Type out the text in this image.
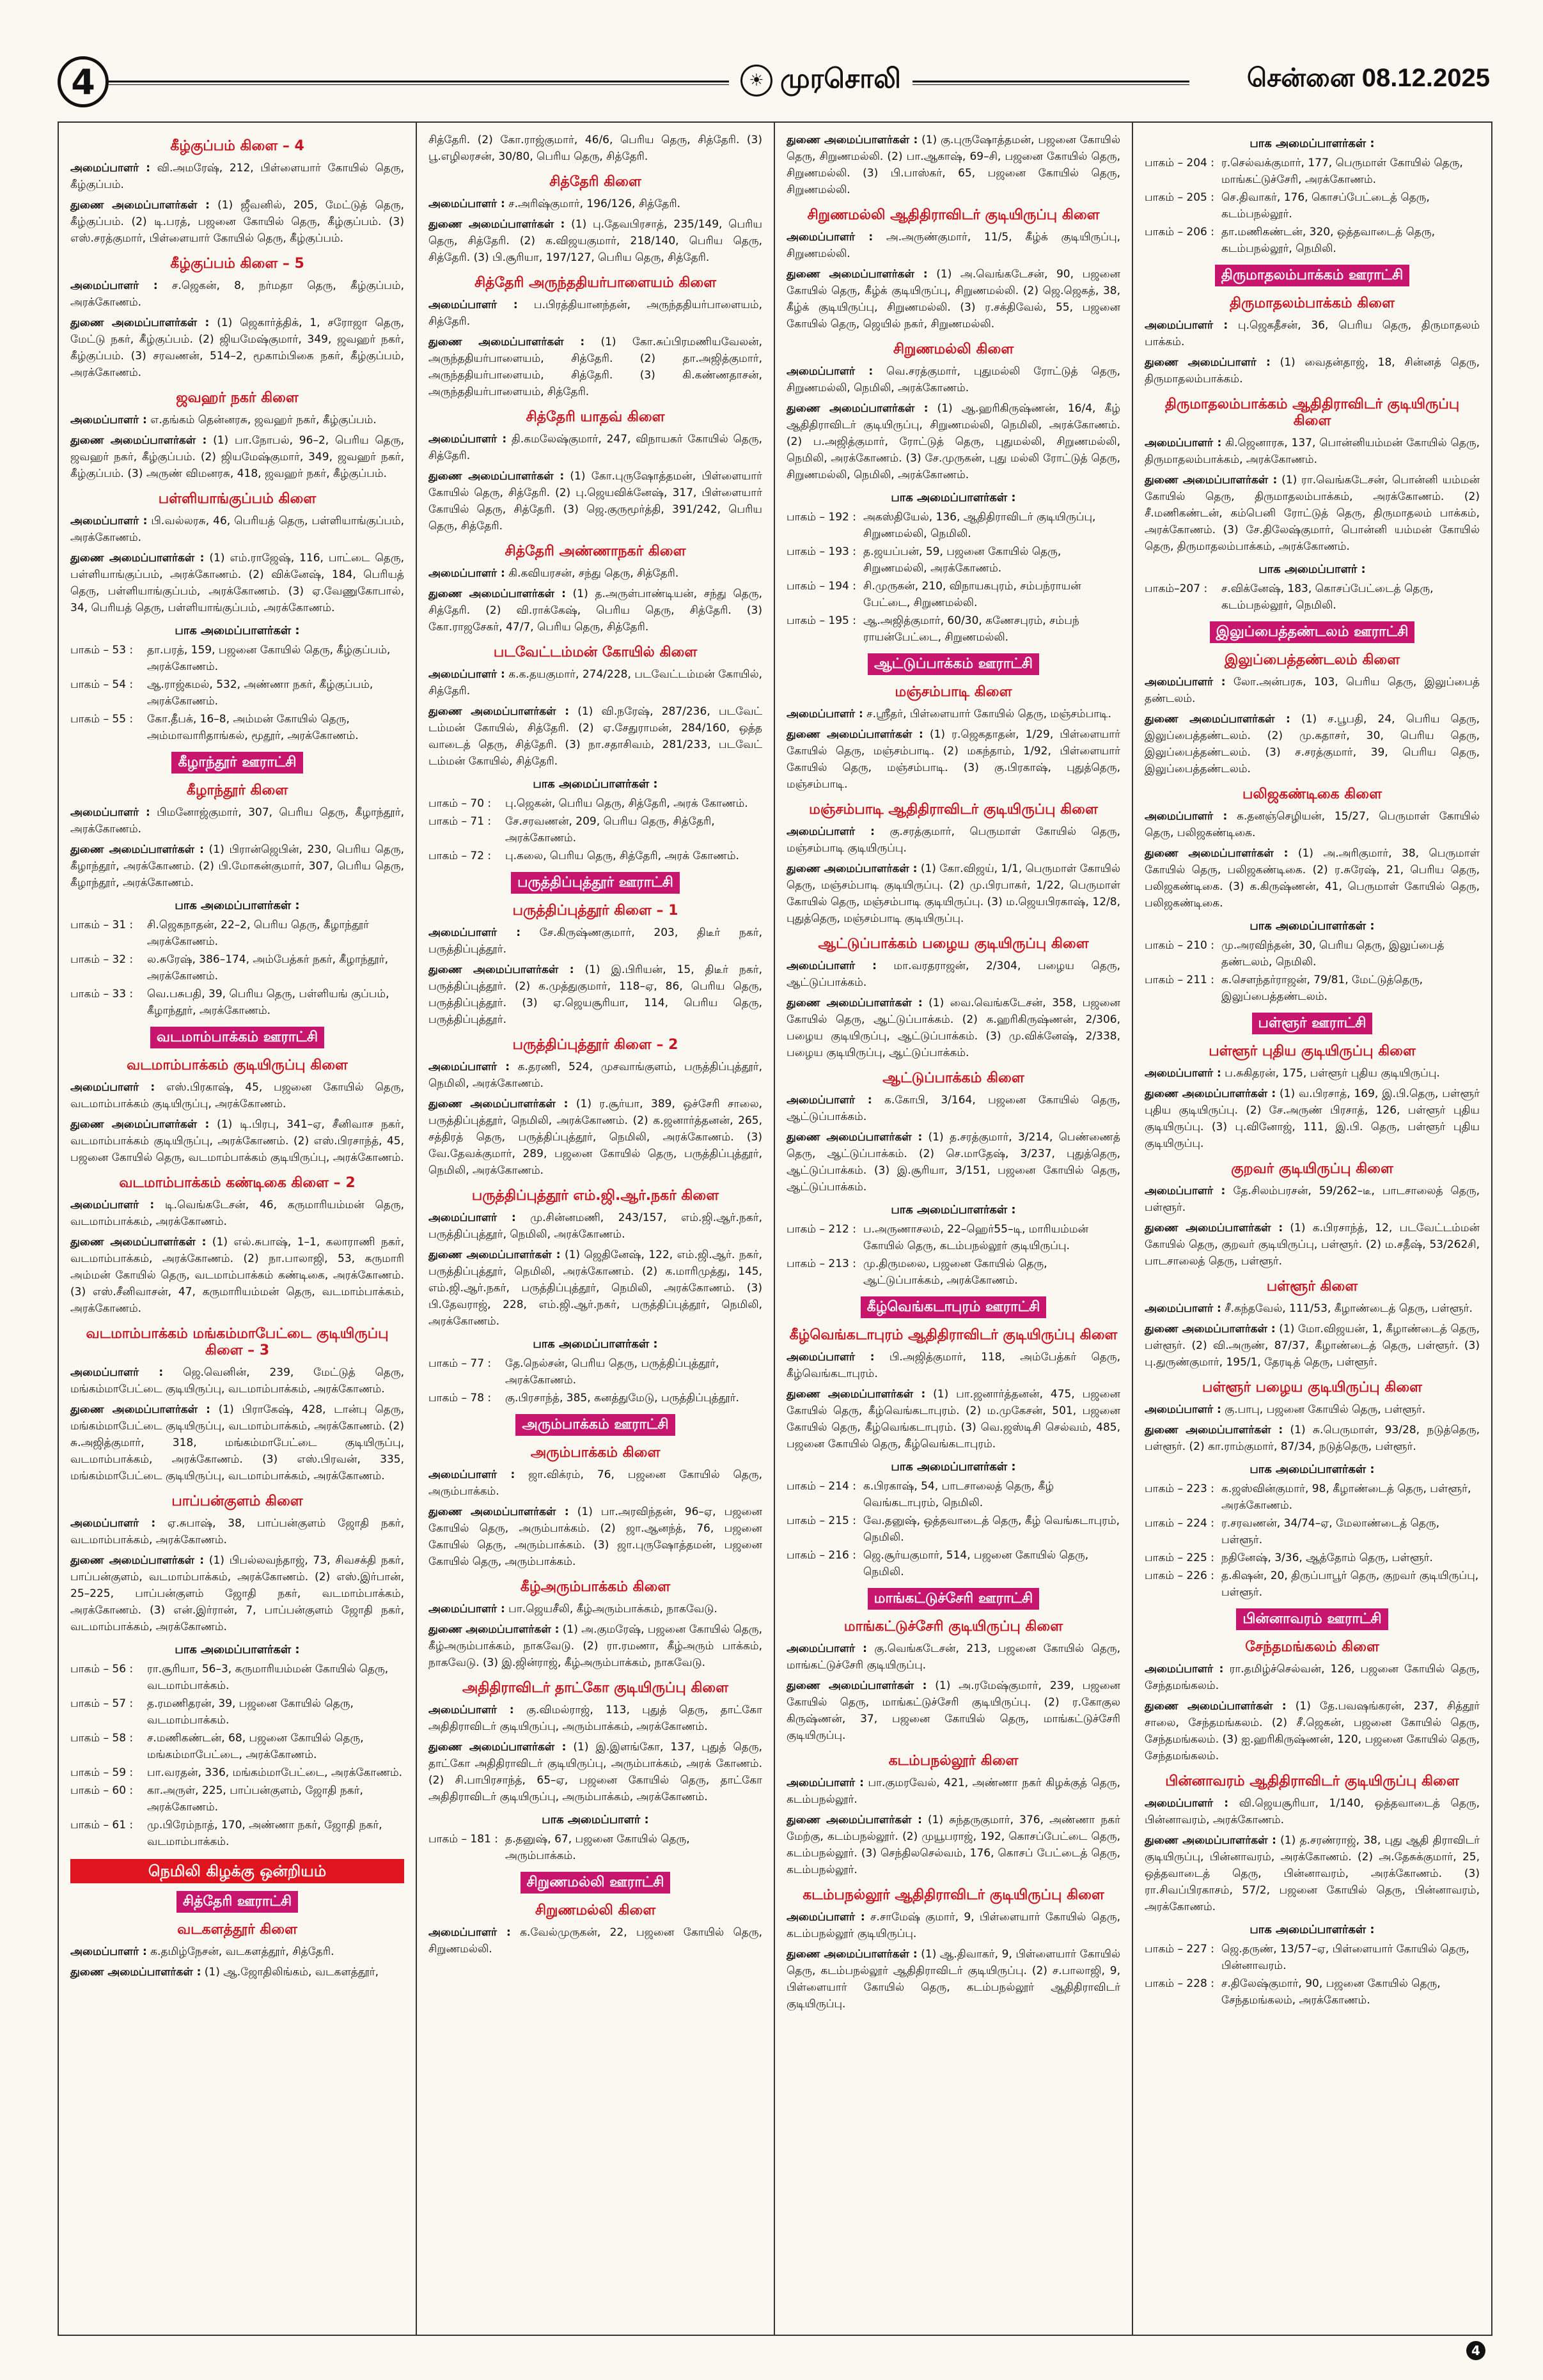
4	☀ முரசொலி	சென்னை 08.12.2025
கீழ்குப்பம் கிளை – 4
அமைப்பாளர் : வி.அமரேஷ், 212, பிள்ளையார் கோயில் தெரு, கீழ்குப்பம்.
துணை அமைப்பாளர்கள் : (1) ஜீவனில், 205, மேட்டுத் தெரு, கீழ்குப்பம். (2) டி.பரத், பஜனை கோயில் தெரு, கீழ்குப்பம். (3) எஸ்.சரத்குமார், பிள்ளையார் கோயில் தெரு, கீழ்குப்பம்.
கீழ்குப்பம் கிளை – 5
அமைப்பாளர் : ச.ஜெகன், 8, நர்மதா தெரு, கீழ்குப்பம், அரக்கோணம்.
துணை அமைப்பாளர்கள் : (1) ஜெகார்த்திக், 1, சரோஜா தெரு, மேட்டு நகர், கீழ்குப்பம். (2) ஜியமேஷ்குமார், 349, ஜவஹர் நகர், கீழ்குப்பம். (3) சரவணன், 514–2, மூகாம்பிகை நகர், கீழ்குப்பம், அரக்கோணம்.
ஜவஹர் நகர் கிளை
அமைப்பாளர் : எ.தங்கம் தென்னரசு, ஜவஹர் நகர், கீழ்குப்பம்.
துணை அமைப்பாளர்கள் : (1) பா.நோபல், 96–2, பெரிய தெரு, ஜவஹர் நகர், கீழ்குப்பம். (2) ஜியமேஷ்குமார், 349, ஜவஹர் நகர், கீழ்குப்பம். (3) அருண் விமனரசு, 418, ஜவஹர் நகர், கீழ்குப்பம்.
பள்ளியாங்குப்பம் கிளை
அமைப்பாளர் : பி.வல்லரசு, 46, பெரியத் தெரு, பள்ளியாங்குப்பம், அரக்கோணம்.
துணை அமைப்பாளர்கள் : (1) எம்.ராஜேஷ், 116, பாட்டை தெரு, பள்ளியாங்குப்பம், அரக்கோணம். (2) விக்னேஷ், 184, பெரியத் தெரு, பள்ளியாங்குப்பம், அரக்கோணம். (3) ஏ.வேணுகோபால், 34, பெரியத் தெரு, பள்ளியாங்குப்பம், அரக்கோணம்.
பாக அமைப்பாளர்கள் :
பாகம் – 53 :	தா.பரத், 159, பஜனை கோயில் தெரு, கீழ்குப்பம், அரக்கோணம்.
பாகம் – 54 :	ஆ.ராஜ்கமல், 532, அண்ணா நகர், கீழ்குப்பம், அரக்கோணம்.
பாகம் – 55 :	கோ.தீபக், 16–8, அம்மன் கோயில் தெரு, அம்மாவாரிதாங்கல், மூதூர், அரக்கோணம்.
கீழாந்தூர் ஊராட்சி
கீழாந்தூர் கிளை
அமைப்பாளர் : பிமனோஜ்குமார், 307, பெரிய தெரு, கீழாந்தூர், அரக்கோணம்.
துணை அமைப்பாளர்கள் : (1) பிரான்ஜெபின், 230, பெரிய தெரு, கீழாந்தூர், அரக்கோணம். (2) பி.மோகன்குமார், 307, பெரிய தெரு, கீழாந்தூர், அரக்கோணம்.
பாக அமைப்பாளர்கள் :
பாகம் – 31 :	சி.ஜெகநாதன், 22–2, பெரிய தெரு, கீழாந்தூர் அரக்கோணம்.
பாகம் – 32 :	ல.சுரேஷ், 386–174, அம்பேத்கர் நகர், கீழாந்தூர், அரக்கோணம்.
பாகம் – 33 :	வெ.பசுபதி, 39, பெரிய தெரு, பள்ளியங் குப்பம், கீழாந்தூர், அரக்கோணம்.
வடமாம்பாக்கம் ஊராட்சி
வடமாம்பாக்கம் குடியிருப்பு கிளை
அமைப்பாளர் : எஸ்.பிரகாஷ், 45, பஜனை கோயில் தெரு, வடமாம்பாக்கம் குடியிருப்பு, அரக்கோணம்.
துணை அமைப்பாளர்கள் : (1) டி.பிரபு, 341–ஏ, சீனிவாச நகர், வடமாம்பாக்கம் குடியிருப்பு, அரக்கோணம். (2) எஸ்.பிரசாந்த், 45, பஜனை கோயில் தெரு, வடமாம்பாக்கம் குடியிருப்பு, அரக்கோணம்.
வடமாம்பாக்கம் கண்டிகை கிளை – 2
அமைப்பாளர் : டி.வெங்கடேசன், 46, கருமாரியம்மன் தெரு, வடமாம்பாக்கம், அரக்கோணம்.
துணை அமைப்பாளர்கள் : (1) எல்.சுபாஷ், 1–1, கலாராணி நகர், வடமாம்பாக்கம், அரக்கோணம். (2) நா.பாலாஜி, 53, கருமாரி அம்மன் கோயில் தெரு, வடமாம்பாக்கம் கண்டிகை, அரக்கோணம். (3) எஸ்.சீனிவாசன், 47, கருமாரியம்மன் தெரு, வடமாம்பாக்கம், அரக்கோணம்.
வடமாம்பாக்கம் மங்கம்மாபேட்டை குடியிருப்பு கிளை – 3
அமைப்பாளர் : ஜெ.வெனின், 239, மேட்டுத் தெரு, மங்கம்மாபேட்டை குடியிருப்பு, வடமாம்பாக்கம், அரக்கோணம்.
துணை அமைப்பாளர்கள் : (1) பிராகேஷ், 428, டான்பு தெரு, மங்கம்மாபேட்டை குடியிருப்பு, வடமாம்பாக்கம், அரக்கோணம். (2) சு.அஜித்குமார், 318, மங்கம்மாபேட்டை குடியிருப்பு, வடமாம்பாக்கம், அரக்கோணம். (3) எஸ்.பிரவன், 335, மங்கம்மாபேட்டை குடியிருப்பு, வடமாம்பாக்கம், அரக்கோணம்.
பாப்பன்குளம் கிளை
அமைப்பாளர் : ஏ.சுபாஷ், 38, பாப்பன்குளம் ஜோதி நகர், வடமாம்பாக்கம், அரக்கோணம்.
துணை அமைப்பாளர்கள் : (1) பிபல்லவந்தாஜ், 73, சிவசக்தி நகர், பாப்பன்குளம், வடமாம்பாக்கம், அரக்கோணம். (2) எஸ்.இர்பான், 25–225, பாப்பன்குளம் ஜோதி நகர், வடமாம்பாக்கம், அரக்கோணம். (3) என்.இர்ரான், 7, பாப்பன்குளம் ஜோதி நகர், வடமாம்பாக்கம், அரக்கோணம்.
பாக அமைப்பாளர்கள் :
பாகம் – 56 :	ரா.சூரியா, 56–3, கருமாரியம்மன் கோயில் தெரு, வடமாம்பாக்கம்.
பாகம் – 57 :	த.ரமணிதரன், 39, பஜனை கோயில் தெரு, வடமாம்பாக்கம்.
பாகம் – 58 :	ச.மணிகண்டன், 68, பஜனை கோயில் தெரு, மங்கம்மாபேட்டை, அரக்கோணம்.
பாகம் – 59 :	பா.வரதன், 336, மங்கம்மாபேட்டை, அரக்கோணம்.
பாகம் – 60 :	கா.அருள், 225, பாப்பன்குளம், ஜோதி நகர், அரக்கோணம்.
பாகம் – 61 :	மு.பிரேம்நாத், 170, அண்ணா நகர், ஜோதி நகர், வடமாம்பாக்கம்.
நெமிலி கிழக்கு ஒன்றியம்
சித்தேரி ஊராட்சி
வடகளத்தூர் கிளை
அமைப்பாளர் : க.தமிழ்நேசன், வடகளத்தூர், சித்தேரி.
துணை அமைப்பாளர்கள் : (1) ஆ.ஜோதிலிங்கம், வடகளத்தூர்,
சித்தேரி. (2) கோ.ராஜ்குமார், 46/6, பெரிய தெரு, சித்தேரி. (3) பூ.எழிலரசன், 30/80, பெரிய தெரு, சித்தேரி.
சித்தேரி கிளை
அமைப்பாளர் : ச.அரிஷ்குமார், 196/126, சித்தேரி.
துணை அமைப்பாளர்கள் : (1) பு.தேவபிரசாத், 235/149, பெரிய தெரு, சித்தேரி. (2) க.விஜயகுமார், 218/140, பெரிய தெரு, சித்தேரி. (3) பி.சூரியா, 197/127, பெரிய தெரு, சித்தேரி.
சித்தேரி அருந்ததியர்பாளையம் கிளை
அமைப்பாளர் : ப.பிரத்தியானந்தன், அருந்ததியர்பாளையம், சித்தேரி.
துணை அமைப்பாளர்கள் : (1) கோ.சுப்பிரமணியவேலன், அருந்ததியர்பாளையம், சித்தேரி. (2) தா.அஜித்குமார், அருந்ததியர்பாளையம், சித்தேரி. (3) கி.கண்ணதாசன், அருந்ததியர்பாளையம், சித்தேரி.
சித்தேரி யாதவ் கிளை
அமைப்பாளர் : தி.கமலேஷ்குமார், 247, விநாயகர் கோயில் தெரு, சித்தேரி.
துணை அமைப்பாளர்கள் : (1) கோ.புருஷோத்தமன், பிள்ளையார் கோயில் தெரு, சித்தேரி. (2) பு.ஜெயவிக்னேஷ், 317, பிள்ளையார் கோயில் தெரு, சித்தேரி. (3) ஜெ.குருமூர்த்தி, 391/242, பெரிய தெரு, சித்தேரி.
சித்தேரி அண்ணாநகர் கிளை
அமைப்பாளர் : கி.கவியரசன், சந்து தெரு, சித்தேரி.
துணை அமைப்பாளர்கள் : (1) த.அருள்பாண்டியன், சந்து தெரு, சித்தேரி. (2) வி.ராக்கேஷ், பெரிய தெரு, சித்தேரி. (3) கோ.ராஜசேகர், 47/7, பெரிய தெரு, சித்தேரி.
படவேட்டம்மன் கோயில் கிளை
அமைப்பாளர் : க.க.தயகுமார், 274/228, படவேட்டம்மன் கோயில், சித்தேரி.
துணை அமைப்பாளர்கள் : (1) வி.நரேஷ், 287/236, படவேட் டம்மன் கோயில், சித்தேரி. (2) ஏ.சேதுராமன், 284/160, ஒத்த வாடைத் தெரு, சித்தேரி. (3) நா.சதாசிவம், 281/233, படவேட் டம்மன் கோயில், சித்தேரி.
பாக அமைப்பாளர்கள் :
பாகம் – 70 :	பு.ஜெகன், பெரிய தெரு, சித்தேரி, அரக் கோணம்.
பாகம் – 71 :	சே.சரவணன், 209, பெரிய தெரு, சித்தேரி, அரக்கோணம்.
பாகம் – 72 :	பு.கலை, பெரிய தெரு, சித்தேரி, அரக் கோணம்.
பருத்திப்புத்தூர் ஊராட்சி
பருத்திப்புத்தூர் கிளை – 1
அமைப்பாளர் : சே.கிருஷ்ணகுமார், 203, திடீர் நகர், பருத்திப்புத்தூர்.
துணை அமைப்பாளர்கள் : (1) இ.பிரியன், 15, திடீர் நகர், பருத்திப்புத்தூர். (2) க.முத்துகுமார், 118–ஏ, 86, பெரிய தெரு, பருத்திப்புத்தூர். (3) ஏ.ஜெயசூரியா, 114, பெரிய தெரு, பருத்திப்புத்தூர்.
பருத்திப்புத்தூர் கிளை – 2
அமைப்பாளர் : க.தரணி, 524, முசவாங்குளம், பருத்திப்புத்தூர், நெமிலி, அரக்கோணம்.
துணை அமைப்பாளர்கள் : (1) ர.சூர்யா, 389, ஒச்சேரி சாலை, பருத்திப்புத்தூர், நெமிலி, அரக்கோணம். (2) க.ஜனார்த்தனன், 265, சத்திரத் தெரு, பருத்திப்புத்தூர், நெமிலி, அரக்கோணம். (3) வே.தேவக்குமார், 289, பஜனை கோயில் தெரு, பருத்திப்புத்தூர், நெமிலி, அரக்கோணம்.
பருத்திப்புத்தூர் எம்.ஜி.ஆர்.நகர் கிளை
அமைப்பாளர் : மு.சின்னமணி, 243/157, எம்.ஜி.ஆர்.நகர், பருத்திப்புத்தூர், நெமிலி, அரக்கோணம்.
துணை அமைப்பாளர்கள் : (1) ஜெதினேஷ், 122, எம்.ஜி.ஆர். நகர், பருத்திப்புத்தூர், நெமிலி, அரக்கோணம். (2) க.மாரிமுத்து, 145, எம்.ஜி.ஆர்.நகர், பருத்திப்புத்தூர், நெமிலி, அரக்கோணம். (3) பி.தேவராஜ், 228, எம்.ஜி.ஆர்.நகர், பருத்திப்புத்தூர், நெமிலி, அரக்கோணம்.
பாக அமைப்பாளர்கள் :
பாகம் – 77 :	தே.நெல்சன், பெரிய தெரு, பருத்திப்புத்தூர், அரக்கோணம்.
பாகம் – 78 :	கு.பிரசாந்த், 385, கனத்துமேடு, பருத்திப்புத்தூர்.
அரும்பாக்கம் ஊராட்சி
அரும்பாக்கம் கிளை
அமைப்பாளர் : ஜா.விக்ரம், 76, பஜனை கோயில் தெரு, அரும்பாக்கம்.
துணை அமைப்பாளர்கள் : (1) பா.அரவிந்தன், 96–ஏ, பஜனை கோயில் தெரு, அரும்பாக்கம். (2) ஜா.ஆனந்த், 76, பஜனை கோயில் தெரு, அரும்பாக்கம். (3) ஜா.புருஷோத்தமன், பஜனை கோயில் தெரு, அரும்பாக்கம்.
கீழ்அரும்பாக்கம் கிளை
அமைப்பாளர் : பா.ஜெயசீலி, கீழ்அரும்பாக்கம், நாகவேடு.
துணை அமைப்பாளர்கள் : (1) அ.குமரேஷ், பஜனை கோயில் தெரு, கீழ்அரும்பாக்கம், நாகவேடு. (2) ரா.ரமணா, கீழ்அரும் பாக்கம், நாகவேடு. (3) இ.ஜின்ராஜ், கீழ்அரும்பாக்கம், நாகவேடு.
அதிதிராவிடர் தாட்கோ குடியிருப்பு கிளை
அமைப்பாளர் : கு.விமல்ராஜ், 113, புதுத் தெரு, தாட்கோ அதிதிராவிடர் குடியிருப்பு, அரும்பாக்கம், அரக்கோணம்.
துணை அமைப்பாளர்கள் : (1) இ.இளங்கோ, 137, புதுத் தெரு, தாட்கோ அதிதிராவிடர் குடியிருப்பு, அரும்பாக்கம், அரக் கோணம். (2) சி.பாபிரசாந்த், 65–ஏ, பஜனை கோயில் தெரு, தாட்கோ அதிதிராவிடர் குடியிருப்பு, அரும்பாக்கம், அரக்கோணம்.
பாக அமைப்பாளர் :
பாகம் – 181 : த.தனுஷ், 67, பஜனை கோயில் தெரு, அரும்பாக்கம்.
சிறுணமல்லி ஊராட்சி
சிறுணமல்லி கிளை
அமைப்பாளர் : க.வேல்முருகன், 22, பஜனை கோயில் தெரு, சிறுணமல்லி.
துணை அமைப்பாளர்கள் : (1) கு.புருஷோத்தமன், பஜனை கோயில் தெரு, சிறுணமல்லி. (2) பா.ஆகாஷ், 69–சி, பஜனை கோயில் தெரு, சிறுணமல்லி. (3) பி.பாஸ்கர், 65, பஜனை கோயில் தெரு, சிறுணமல்லி.
சிறுணமல்லி ஆதிதிராவிடர் குடியிருப்பு கிளை
அமைப்பாளர் : அ.அருண்குமார், 11/5, கீழ்க் குடியிருப்பு, சிறுணமல்லி.
துணை அமைப்பாளர்கள் : (1) அ.வெங்கடேசன், 90, பஜனை கோயில் தெரு, கீழ்க் குடியிருப்பு, சிறுணமல்லி. (2) ஜெ.ஜெகத், 38, கீழ்க் குடியிருப்பு, சிறுணமல்லி. (3) ர.சக்திவேல், 55, பஜனை கோயில் தெரு, ஜெயில் நகர், சிறுணமல்லி.
சிறுணமல்லி கிளை
அமைப்பாளர் : வெ.சரத்குமார், புதுமல்லி ரோட்டுத் தெரு, சிறுணமல்லி, நெமிலி, அரக்கோணம்.
துணை அமைப்பாளர்கள் : (1) ஆ.ஹரிகிருஷ்ணன், 16/4, கீழ் ஆதிதிராவிடர் குடியிருப்பு, சிறுணமல்லி, நெமிலி, அரக்கோணம். (2) ப.அஜித்குமார், ரோட்டுத் தெரு, புதுமல்லி, சிறுணமல்லி, நெமிலி, அரக்கோணம். (3) சே.முருகன், புது மல்லி ரோட்டுத் தெரு, சிறுணமல்லி, நெமிலி, அரக்கோணம்.
பாக அமைப்பாளர்கள் :
பாகம் – 192 : அகஸ்தியேல், 136, ஆதிதிராவிடர் குடியிருப்பு, சிறுணமல்லி, நெமிலி.
பாகம் – 193 : த.ஜயப்பன், 59, பஜனை கோயில் தெரு, சிறுணமல்லி, அரக்கோணம்.
பாகம் – 194 : சி.முருகன், 210, விநாயகபுரம், சம்பந்ராயன் பேட்டை, சிறுணமல்லி.
பாகம் – 195 : ஆ.அஜித்குமார், 60/30, கணேசபுரம், சம்பந் ராயன்பேட்டை, சிறுணமல்லி.
ஆட்டுப்பாக்கம் ஊராட்சி
மஞ்சம்பாடி கிளை
அமைப்பாளர் : ச.ஸ்ரீதர், பிள்ளையார் கோயில் தெரு, மஞ்சம்பாடி.
துணை அமைப்பாளர்கள் : (1) ர.ஜெகதாதன், 1/29, பிள்ளையார் கோயில் தெரு, மஞ்சம்பாடி. (2) மகந்தாம், 1/92, பிள்ளையார் கோயில் தெரு, மஞ்சம்பாடி. (3) கு.பிரகாஷ், புதுத்தெரு, மஞ்சம்பாடி.
மஞ்சம்பாடி ஆதிதிராவிடர் குடியிருப்பு கிளை
அமைப்பாளர் : கு.சரத்குமார், பெருமாள் கோயில் தெரு, மஞ்சம்பாடி குடியிருப்பு.
துணை அமைப்பாளர்கள் : (1) கோ.விஜய், 1/1, பெருமாள் கோயில் தெரு, மஞ்சம்பாடி குடியிருப்பு. (2) மு.பிரபாகர், 1/22, பெருமாள் கோயில் தெரு, மஞ்சம்பாடி குடியிருப்பு. (3) ம.ஜெயபிரகாஷ், 12/8, புதுத்தெரு, மஞ்சம்பாடி குடியிருப்பு.
ஆட்டுப்பாக்கம் பழைய குடியிருப்பு கிளை
அமைப்பாளர் : மா.வரதராஜன், 2/304, பழைய தெரு, ஆட்டுப்பாக்கம்.
துணை அமைப்பாளர்கள் : (1) வை.வெங்கடேசன், 358, பஜனை கோயில் தெரு, ஆட்டுப்பாக்கம். (2) க.ஹரிகிருஷ்ணன், 2/306, பழைய குடியிருப்பு, ஆட்டுப்பாக்கம். (3) மு.விக்னேஷ், 2/338, பழைய குடியிருப்பு, ஆட்டுப்பாக்கம்.
ஆட்டுப்பாக்கம் கிளை
அமைப்பாளர் : க.கோபி, 3/164, பஜனை கோயில் தெரு, ஆட்டுப்பாக்கம்.
துணை அமைப்பாளர்கள் : (1) த.சரத்குமார், 3/214, பெண்ணைத் தெரு, ஆட்டுப்பாக்கம். (2) செ.மாதேஷ், 3/237, புதுத்தெரு, ஆட்டுப்பாக்கம். (3) இ.சூரியா, 3/151, பஜனை கோயில் தெரு, ஆட்டுப்பாக்கம்.
பாக அமைப்பாளர்கள் :
பாகம் – 212 : ப.அருணாசலம், 22–ஹெர்55–டி, மாரியம்மன் கோயில் தெரு, கடம்பநல்லூர் குடியிருப்பு.
பாகம் – 213 : மு.திருமலை, பஜனை கோயில் தெரு, ஆட்டுப்பாக்கம், அரக்கோணம்.
கீழ்வெங்கடாபுரம் ஊராட்சி
கீழ்வெங்கடாபுரம் ஆதிதிராவிடர் குடியிருப்பு கிளை
அமைப்பாளர் : பி.அஜித்குமார், 118, அம்பேத்கர் தெரு, கீழ்வெங்கடாபுரம்.
துணை அமைப்பாளர்கள் : (1) பா.ஜனார்த்தனன், 475, பஜனை கோயில் தெரு, கீழ்வெங்கடாபுரம். (2) ம.முகேசன், 501, பஜனை கோயில் தெரு, கீழ்வெங்கடாபுரம். (3) வெ.ஜஸ்டிசி செல்வம், 485, பஜனை கோயில் தெரு, கீழ்வெங்கடாபுரம்.
பாக அமைப்பாளர்கள் :
பாகம் – 214 : க.பிரகாஷ், 54, பாடசாலைத் தெரு, கீழ் வெங்கடாபுரம், நெமிலி.
பாகம் – 215 : வே.தனுஷ், ஒத்தவாடைத் தெரு, கீழ் வெங்கடாபுரம், நெமிலி.
பாகம் – 216 : ஜெ.சூர்யகுமார், 514, பஜனை கோயில் தெரு, நெமிலி.
மாங்கட்டுச்சேரி ஊராட்சி
மாங்கட்டுச்சேரி குடியிருப்பு கிளை
அமைப்பாளர் : கு.வெங்கடேசன், 213, பஜனை கோயில் தெரு, மாங்கட்டுச்சேரி குடியிருப்பு.
துணை அமைப்பாளர்கள் : (1) அ.ரமேஷ்குமார், 239, பஜனை கோயில் தெரு, மாங்கட்டுச்சேரி குடியிருப்பு. (2) ர.கோகுல கிருஷ்ணன், 37, பஜனை கோயில் தெரு, மாங்கட்டுச்சேரி குடியிருப்பு.
கடம்பநல்லூர் கிளை
அமைப்பாளர் : பா.குமரவேல், 421, அண்ணா நகர் கிழக்குத் தெரு, கடம்பநல்லூர்.
துணை அமைப்பாளர்கள் : (1) சுந்தருகுமார், 376, அண்ணா நகர் மேற்கு, கடம்பநல்லூர். (2) முயூபராஜ், 192, கொசப்பேட்டை தெரு, கடம்பநல்லூர். (3) செந்திலசெல்வம், 176, கொசப் பேட்டைத் தெரு, கடம்பநல்லூர்.
கடம்பநல்லூர் ஆதிதிராவிடர் குடியிருப்பு கிளை
அமைப்பாளர் : ச.சாமேஷ் குமார், 9, பிள்ளையார் கோயில் தெரு, கடம்பநல்லூர் குடியிருப்பு.
துணை அமைப்பாளர்கள் : (1) ஆ.திவாகர், 9, பிள்ளையார் கோயில் தெரு, கடம்பநல்லூர் ஆதிதிராவிடர் குடியிருப்பு. (2) ச.பாலாஜி, 9, பிள்ளையார் கோயில் தெரு, கடம்பநல்லூர் ஆதிதிராவிடர் குடியிருப்பு.
பாக அமைப்பாளர்கள் :
பாகம் – 204 : ர.செல்வக்குமார், 177, பெருமாள் கோயில் தெரு, மாங்கட்டுச்சேரி, அரக்கோணம்.
பாகம் – 205 : செ.திவாகர், 176, கொசப்பேட்டைத் தெரு, கடம்பநல்லூர்.
பாகம் – 206 : தா.மணிகண்டன், 320, ஒத்தவாடைத் தெரு, கடம்பநல்லூர், நெமிலி.
திருமாதலம்பாக்கம் ஊராட்சி
திருமாதலம்பாக்கம் கிளை
அமைப்பாளர் : பு.ஜெகதீசன், 36, பெரிய தெரு, திருமாதலம் பாக்கம்.
துணை அமைப்பாளர் : (1) வைதன்தாஜ், 18, சின்னத் தெரு, திருமாதலம்பாக்கம்.
திருமாதலம்பாக்கம் ஆதிதிராவிடர் குடியிருப்பு கிளை
அமைப்பாளர் : கி.ஜெனாரசு, 137, பொன்னியம்மன் கோயில் தெரு, திருமாதலம்பாக்கம், அரக்கோணம்.
துணை அமைப்பாளர்கள் : (1) ரா.வெங்கடேசன், பொன்னி யம்மன் கோயில் தெரு, திருமாதலம்பாக்கம், அரக்கோணம். (2) சீ.மணிகண்டன், கம்பெனி ரோட்டுத் தெரு, திருமாதலம் பாக்கம், அரக்கோணம். (3) சே.திலேஷ்குமார், பொன்னி யம்மன் கோயில் தெரு, திருமாதலம்பாக்கம், அரக்கோணம்.
பாக அமைப்பாளர் :
பாகம்–207 :	ச.விக்னேஷ், 183, கொசப்பேட்டைத் தெரு, கடம்பநல்லூர், நெமிலி.
இலுப்பைத்தண்டலம் ஊராட்சி
இலுப்பைத்தண்டலம் கிளை
அமைப்பாளர் : லோ.அன்பரசு, 103, பெரிய தெரு, இலுப்பைத் தண்டலம்.
துணை அமைப்பாளர்கள் : (1) ச.பூபதி, 24, பெரிய தெரு, இலுப்பைத்தண்டலம். (2) மு.கதாசர், 30, பெரிய தெரு, இலுப்பைத்தண்டலம். (3) ச.சரத்குமார், 39, பெரிய தெரு, இலுப்பைத்தண்டலம்.
பலிஜகண்டிகை கிளை
அமைப்பாளர் : க.தனஞ்செழியன், 15/27, பெருமாள் கோயில் தெரு, பலிஜகண்டிகை.
துணை அமைப்பாளர்கள் : (1) அ.அரிகுமார், 38, பெருமாள் கோயில் தெரு, பலிஜகண்டிகை. (2) ர.சுரேஷ், 21, பெரிய தெரு, பலிஜகண்டிகை. (3) க.கிருஷ்ணன், 41, பெருமாள் கோயில் தெரு, பலிஜகண்டிகை.
பாக அமைப்பாளர்கள் :
பாகம் – 210 : மு.அரவிந்தன், 30, பெரிய தெரு, இலுப்பைத் தண்டலம், நெமிலி.
பாகம் – 211 : க.செளந்தர்ராஜன், 79/81, மேட்டுத்தெரு, இலுப்பைத்தண்டலம்.
பள்ளூர் ஊராட்சி
பள்ளூர் புதிய குடியிருப்பு கிளை
அமைப்பாளர் : ப.சுகிதரன், 175, பள்ளூர் புதிய குடியிருப்பு.
துணை அமைப்பாளர்கள் : (1) வ.பிரசாத், 169, இ.பி.தெரு, பள்ளூர் புதிய குடியிருப்பு. (2) சே.அருண் பிரசாத், 126, பள்ளூர் புதிய குடியிருப்பு. (3) பு.வினோஜ், 111, இ.பி. தெரு, பள்ளூர் புதிய குடியிருப்பு.
குறவர் குடியிருப்பு கிளை
அமைப்பாளர் : தே.சிலம்பரசன், 59/262–டீ, பாடசாலைத் தெரு, பள்ளூர்.
துணை அமைப்பாளர்கள் : (1) க.பிரசாந்த், 12, படவேட்டம்மன் கோயில் தெரு, குறவர் குடியிருப்பு, பள்ளூர். (2) ம.சதீஷ், 53/262சி, பாடசாலைத் தெரு, பள்ளூர்.
பள்ளூர் கிளை
அமைப்பாளர் : சீ.கந்தவேல், 111/53, கீழாண்டைத் தெரு, பள்ளூர்.
துணை அமைப்பாளர்கள் : (1) மோ.விஜயன், 1, கீழாண்டைத் தெரு, பள்ளூர். (2) வி.அருண், 87/37, கீழாண்டைத் தெரு, பள்ளூர். (3) பு.துருண்குமார், 195/1, தேரடித் தெரு, பள்ளூர்.
பள்ளூர் பழைய குடியிருப்பு கிளை
அமைப்பாளர் : கு.பாபு, பஜனை கோயில் தெரு, பள்ளூர்.
துணை அமைப்பாளர்கள் : (1) சு.பெருமாள், 93/28, நடுத்தெரு, பள்ளூர். (2) கா.ராம்குமார், 87/34, நடுத்தெரு, பள்ளூர்.
பாக அமைப்பாளர்கள் :
பாகம் – 223 : க.ஜஸ்வின்குமார், 98, கீழாண்டைத் தெரு, பள்ளூர், அரக்கோணம்.
பாகம் – 224 : ர.சரவணன், 34/74–ஏ, மேலாண்டைத் தெரு, பள்ளூர்.
பாகம் – 225 : நதினேஷ், 3/36, ஆத்தோம் தெரு, பள்ளூர்.
பாகம் – 226 : த.கிஷன், 20, திருப்பாபூர் தெரு, குறவர் குடியிருப்பு, பள்ளூர்.
பின்னாவரம் ஊராட்சி
சேந்தமங்கலம் கிளை
அமைப்பாளர் : ரா.தமிழ்ச்செல்வன், 126, பஜனை கோயில் தெரு, சேந்தமங்கலம்.
துணை அமைப்பாளர்கள் : (1) தே.பவஷங்கரன், 237, சித்தூர் சாலை, சேந்தமங்கலம். (2) சீ.ஜெகன், பஜனை கோயில் தெரு, சேந்தமங்கலம். (3) ஐ.ஹரிகிருஷ்ணன், 120, பஜனை கோயில் தெரு, சேந்தமங்கலம்.
பின்னாவரம் ஆதிதிராவிடர் குடியிருப்பு கிளை
அமைப்பாளர் : வி.ஜெயசூரியா, 1/140, ஒத்தவாடைத் தெரு, பின்னாவரம், அரக்கோணம்.
துணை அமைப்பாளர்கள் : (1) த.சரண்ராஜ், 38, புது ஆதி திராவிடர் குடியிருப்பு, பின்னாவரம், அரக்கோணம். (2) அ.தேசுக்குமார், 25, ஒத்தவாடைத் தெரு, பின்னாவரம், அரக்கோணம். (3) ரா.சிவப்பிரகாசம், 57/2, பஜனை கோயில் தெரு, பின்னாவரம், அரக்கோணம்.
பாக அமைப்பாளர்கள் :
பாகம் – 227 : ஜெ.தருண், 13/57–ஏ, பிள்ளையார் கோயில் தெரு, பின்னாவரம்.
பாகம் – 228 : ச.திலேஷ்குமார், 90, பஜனை கோயில் தெரு, சேந்தமங்கலம், அரக்கோணம்.
4
